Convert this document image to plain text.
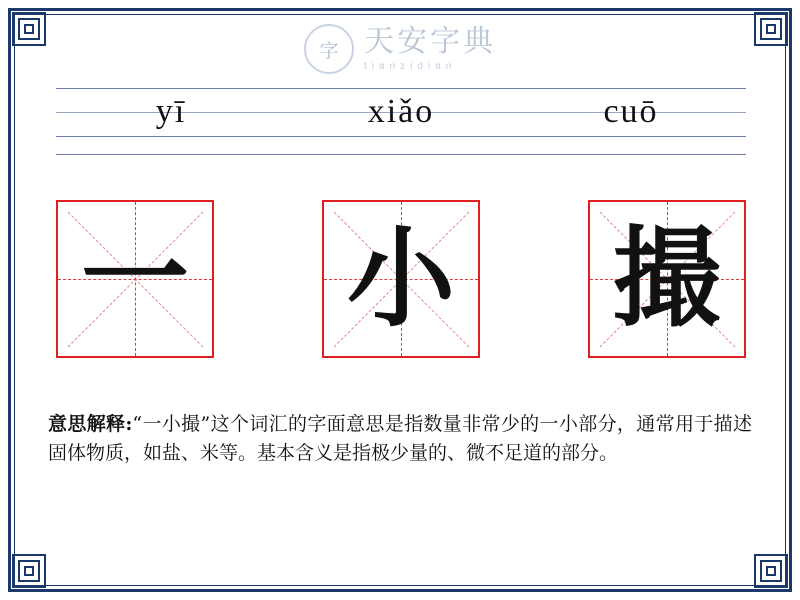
字 天安字典
tianzidian
yī	xiǎo	cuō
一 小 撮
意思解释:“一小撮”这个词汇的字面意思是指数量非常少的一小部分，通常用于描述固体物质，如盐、米等。基本含义是指极少量的、微不足道的部分。
